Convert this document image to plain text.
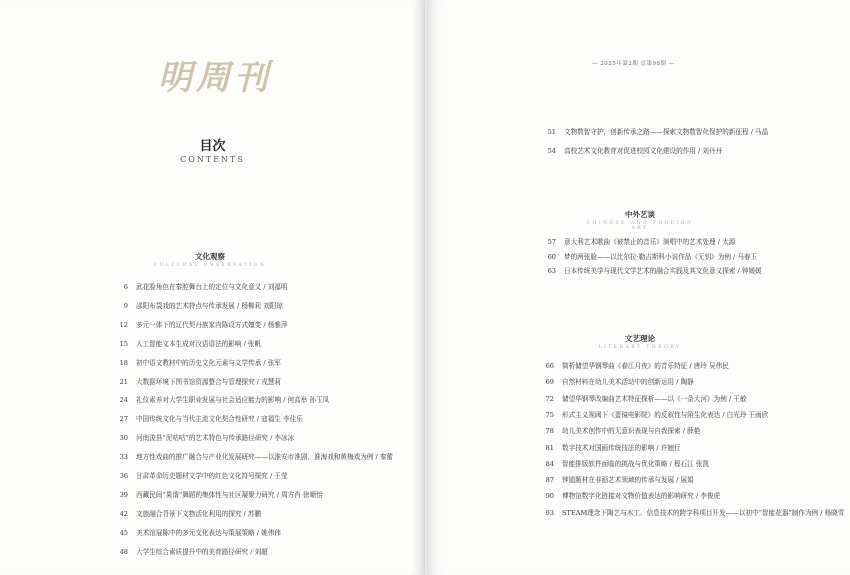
明周刊
目次
CONTENTS
文化观察
CULTURAL OBSERVATION
6 武花脸角色在秦腔舞台上的定位与文化意义 / 刘福明
9 邵阳布袋戏的艺术特点与传承发展 / 杨柳莉 刘阳琼
12 多元一体下的辽代契丹族家内陈设方式嬗变 / 杨雅萍
15 人工智能文本生成对汉语语法的影响 / 张帆
18 初中语文教材中的历史文化元素与文学传承 / 张军
21 大数据环境下图书馆资源整合与管理探究 / 戎慧莉
24 礼仪素养对大学生职业发展与社会适应能力的影响 / 何高举 孙玉凤
27 中国传统文化与当代主流文化契合性研究 / 寇福生 李佳乐
30 河南浚县“泥咕咕”的艺术特色与传承路径研究 / 李冰冰
33 地方性戏曲的推广融合与产业化发展研究——以淮安市淮剧、淮海戏和黄梅戏为例 / 秦蕾
36 甘肃革命历史题材文学中的红色文化符号探究 / 王莹
39 西藏民间“果谐”舞蹈的集体性与社区凝聚力研究 / 周方肖 徐顺怡
42 文旅融合背景下文物活化利用的探究 / 苏鹏
45 美术馆展陈中的多元文化表达与策展策略 / 姚伟伟
48 大学生综合素质提升中的美育路径研究 / 刘超
— 2025年第2期 总第98期 —
51 文物数智守护，创新传承之路——探索文物数智化保护的新征程 / 马晶
54 高校艺术文化教育对促进校园文化建设的作用 / 刘丹丹
中外艺谈
CHINESE AND FOREIGN ART
57 意大利艺术歌曲《被禁止的音乐》演唱中的艺术处理 / 太源
60 梦的两张脸——以比尔拉·勒吉斯科小说作品《无钥》为例 / 马春玉
63 日本传统美学与现代文学艺术的融合实践及其文化意义探索 / 钟媛媛
文艺理论
LITERARY THEORY
66 简析储望华钢琴曲《春江月夜》的音乐特征 / 唐玲 吴伟民
69 自然材料在幼儿美术活动中的创新运用 / 陶静
72 储望华钢琴改编曲艺术特征探析——以《一条大河》为例 / 王敏
75 形式主义视阈下《蛋镜电影院》的反叙性与陌生化表达 / 白光玲 王雨欣
78 幼儿美术创作中的无意识表现与自我探索 / 薛艳
81 数字技术对国画传统技法的影响 / 许翘行
84 智能排版软件面临的挑战与优化策略 / 程石江 张凯
87 钟馗题材在非画艺术领域的传承与发展 / 展娟
90 博物馆数字化链接对文物价值表达的影响研究 / 李俊虎
93 STEAM理念下陶艺与木工、信息技术的跨学科项目开发——以初中“智能花器”制作为例 / 杨晓雪
